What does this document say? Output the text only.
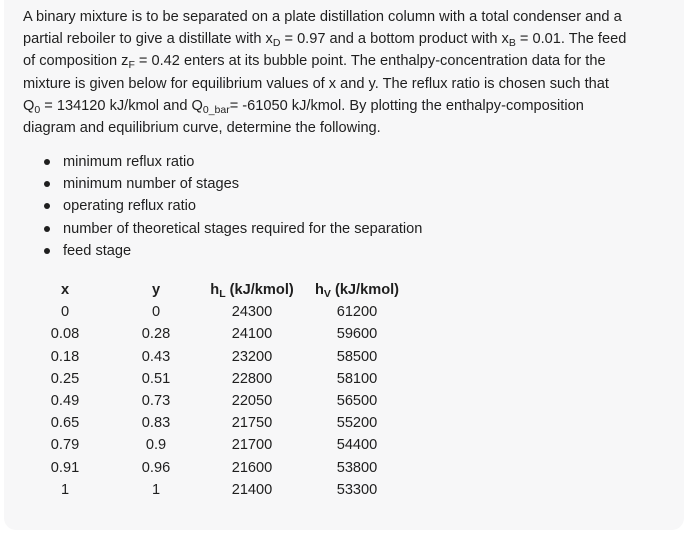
A binary mixture is to be separated on a plate distillation column with a total condenser and a
partial reboiler to give a distillate with $x_D = 0.97$ and a bottom product with $x_B = 0.01$. The feed
of composition $z_F = 0.42$ enters at its bubble point. The enthalpy-concentration data for the
mixture is given below for equilibrium values of x and y. The reflux ratio is chosen such that
$Q_0 = 134120$ kJ/kmol and $Q_{0\_bar}= -61050$ kJ/kmol. By plotting the enthalpy-composition
diagram and equilibrium curve, determine the following.

minimum reflux ratio
minimum number of stages
operating reflux ratio
number of theoretical stages required for the separation
feed stage
x	y	$h_L$ (kJ/kmol)	$h_V$ (kJ/kmol)
0	0	24300	61200
0.08	0.28	24100	59600
0.18	0.43	23200	58500
0.25	0.51	22800	58100
0.49	0.73	22050	56500
0.65	0.83	21750	55200
0.79	0.9	21700	54400
0.91	0.96	21600	53800
1	1	21400	53300
